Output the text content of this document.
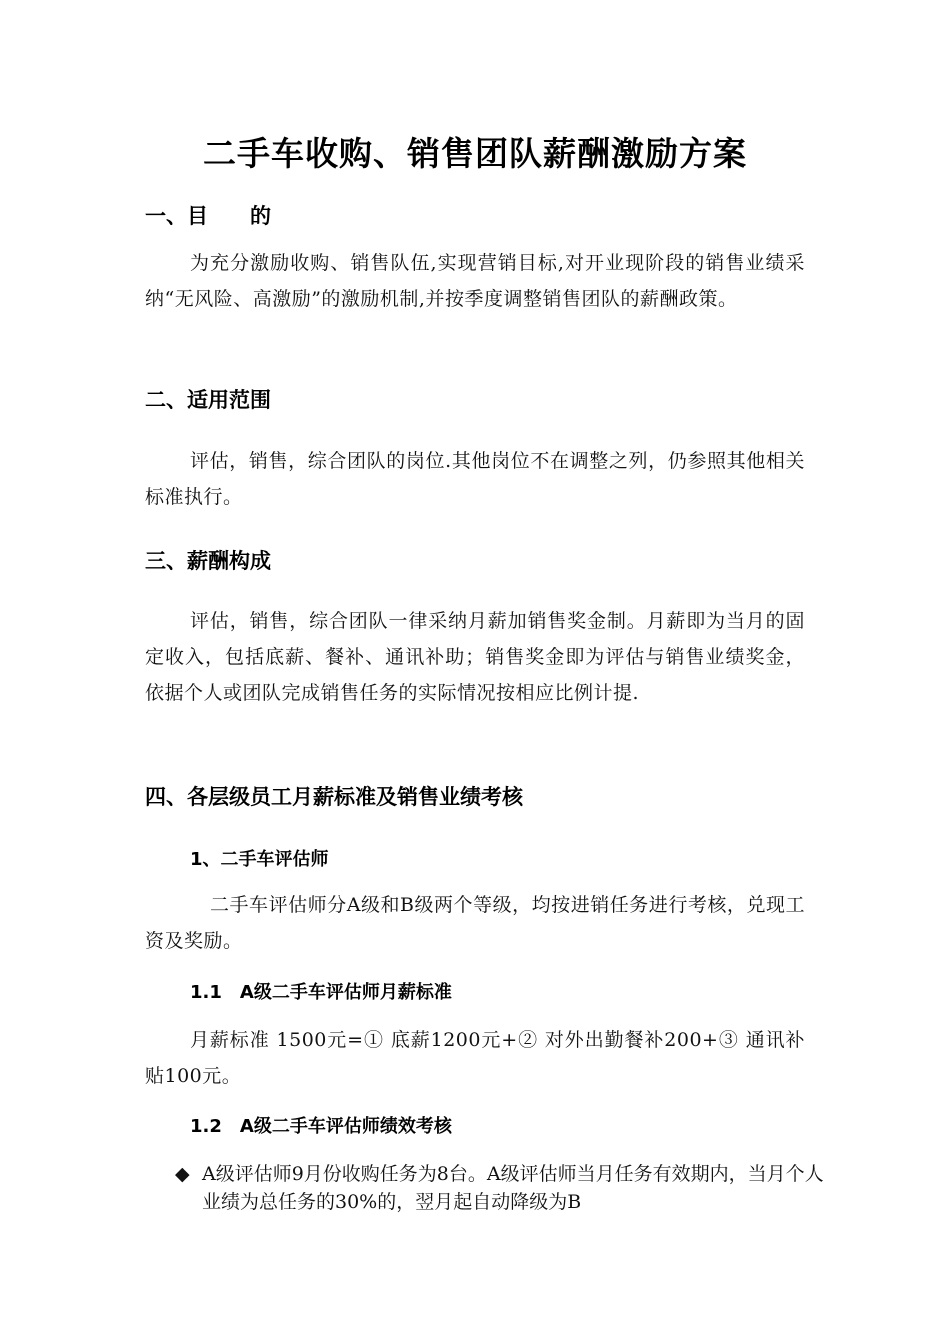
二手车收购、销售团队薪酬激励方案
一、目　　的
为充分激励收购、销售队伍,实现营销目标,对开业现阶段的销售业绩采纳“无风险、高激励”的激励机制,并按季度调整销售团队的薪酬政策。
二、适用范围
评估，销售，综合团队的岗位.其他岗位不在调整之列，仍参照其他相关标准执行。
三、薪酬构成
评估，销售，综合团队一律采纳月薪加销售奖金制。月薪即为当月的固定收入，包括底薪、餐补、通讯补助；销售奖金即为评估与销售业绩奖金，依据个人或团队完成销售任务的实际情况按相应比例计提.
四、各层级员工月薪标准及销售业绩考核
1、二手车评估师
二手车评估师分A级和B级两个等级，均按进销任务进行考核，兑现工资及奖励。
1.1　A级二手车评估师月薪标准
月薪标准 1500元=① 底薪1200元+② 对外出勤餐补200+③ 通讯补贴100元。
1.2　A级二手车评估师绩效考核
◆ A级评估师9月份收购任务为8台。A级评估师当月任务有效期内，当月个人业绩为总任务的30%的，翌月起自动降级为B
